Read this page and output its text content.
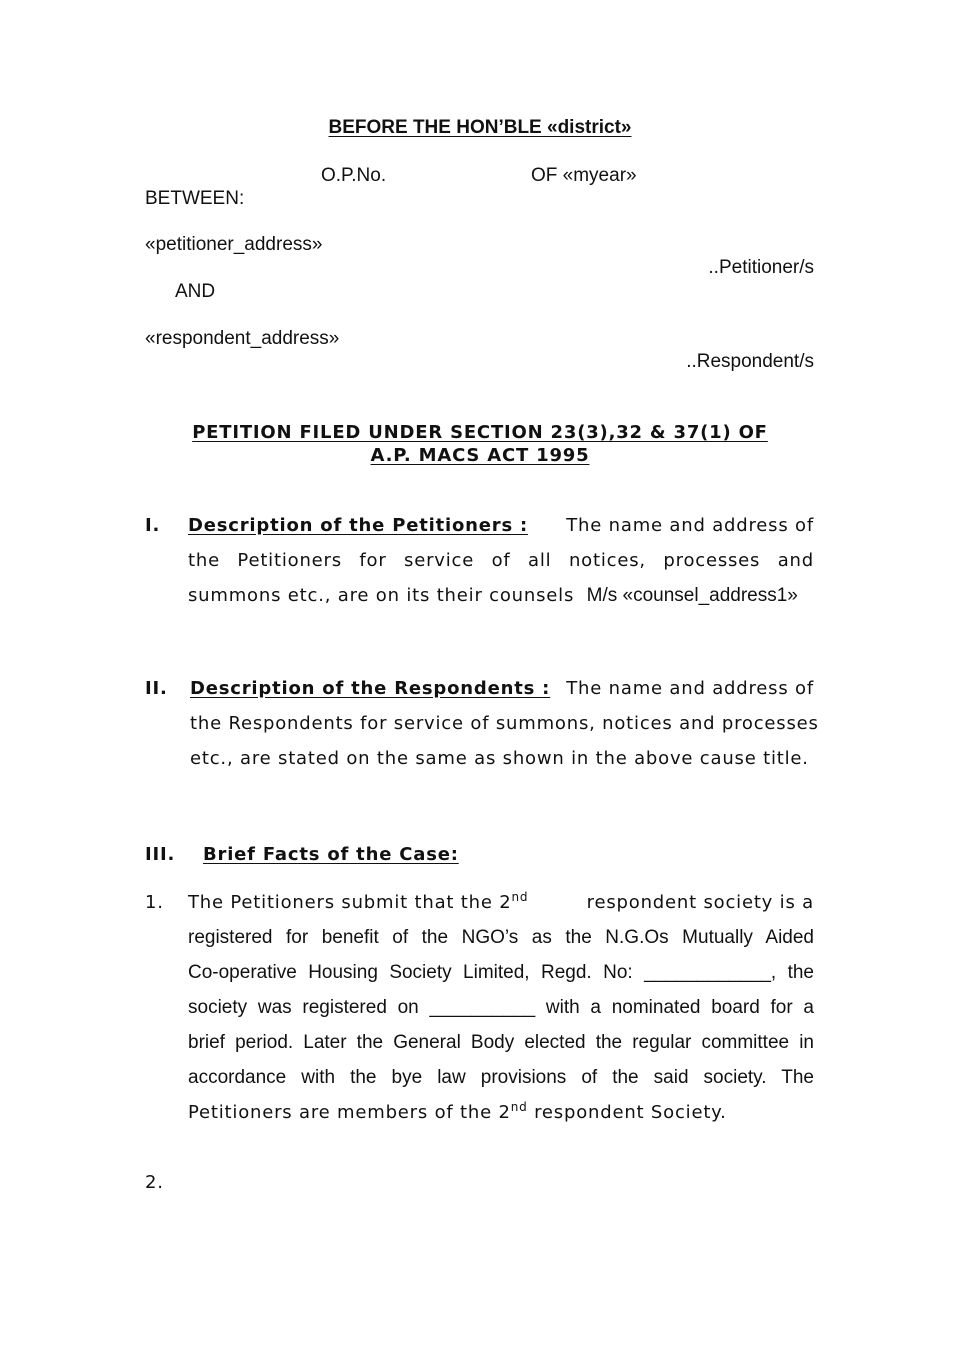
BEFORE THE HON’BLE «district»
O.P.No.	OF «myear»
BETWEEN:
«petitioner_address»
..Petitioner/s
AND
«respondent_address»
..Respondent/s
PETITION FILED UNDER SECTION 23(3),32 & 37(1) OF
A.P. MACS ACT 1995
I. Description of the Petitioners : The name and address of
the Petitioners for service of all notices, processes and
summons etc., are on its their counsels M/s «counsel_address1»
II. Description of the Respondents : The name and address of
the Respondents for service of summons, notices and processes
etc., are stated on the same as shown in the above cause title.
III. Brief Facts of the Case:
1. The Petitioners submit that the 2nd	respondent society is a
registered for benefit of the NGO’s as the N.G.Os Mutually Aided
Co-operative Housing Society Limited, Regd. No: ____________, the
society was registered on __________ with a nominated board for a
brief period. Later the General Body elected the regular committee in
accordance with the bye law provisions of the said society. The
Petitioners are members of the 2nd respondent Society.
2.
